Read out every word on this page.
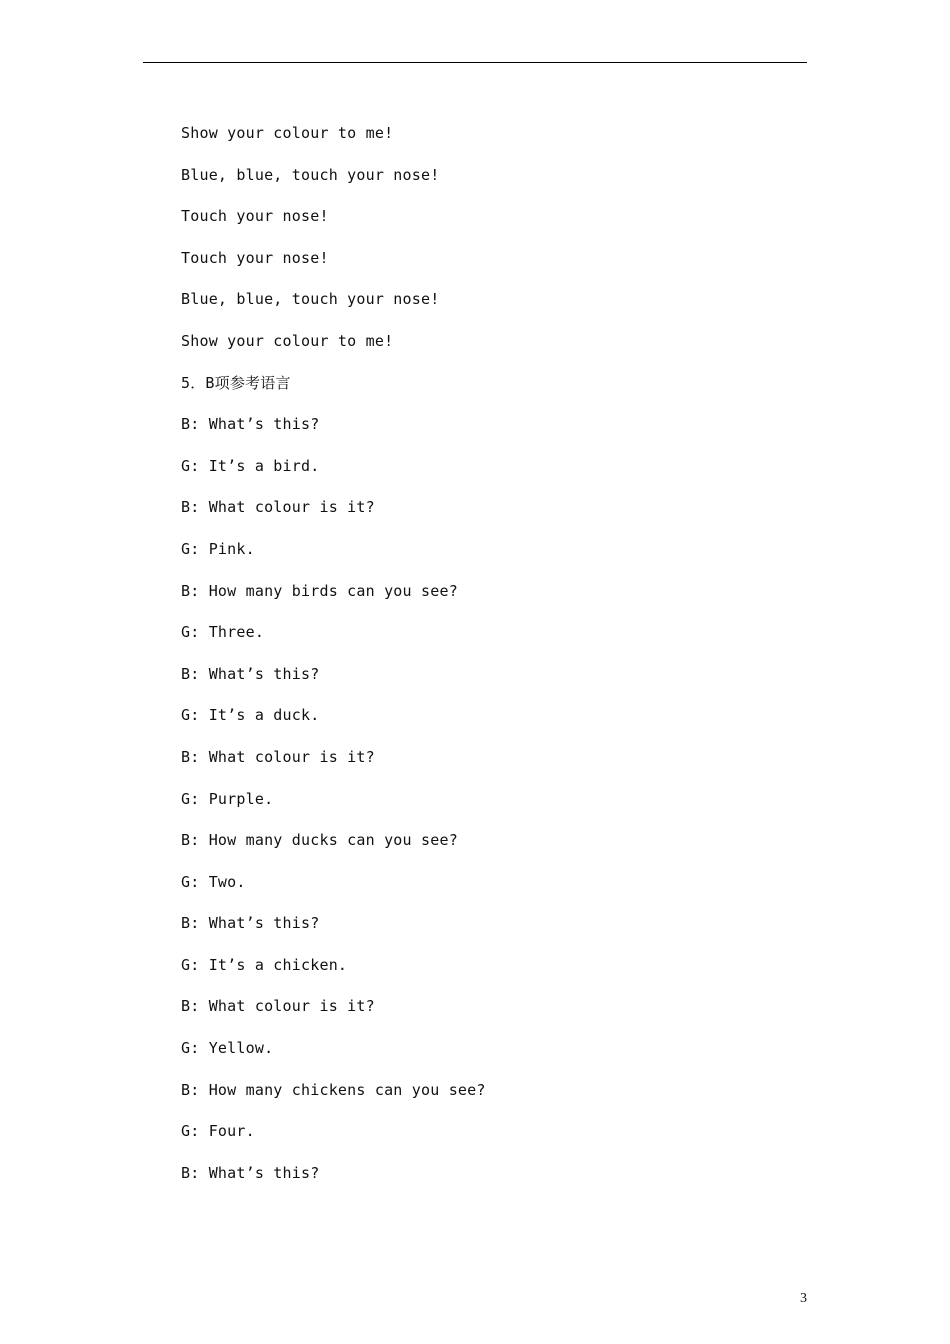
Show your colour to me!
Blue, blue, touch your nose!
Touch your nose!
Touch your nose!
Blue, blue, touch your nose!
Show your colour to me!
5．B项参考语言
B: What’s this?
G: It’s a bird.
B: What colour is it?
G: Pink.
B: How many birds can you see?
G: Three.
B: What’s this?
G: It’s a duck.
B: What colour is it?
G: Purple.
B: How many ducks can you see?
G: Two.
B: What’s this?
G: It’s a chicken.
B: What colour is it?
G: Yellow.
B: How many chickens can you see?
G: Four.
B: What’s this?
3
